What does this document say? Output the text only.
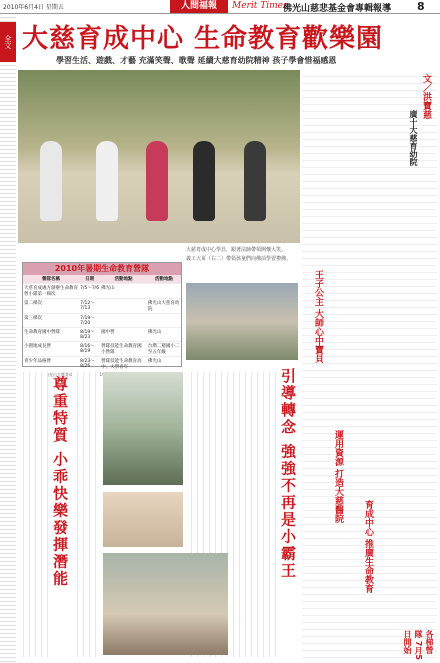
2010年6月4日 星期五	人間福報	Merit Times
佛光山慈悲基金會專輯報導 8
全文 大慈育成中心 生命教育歡樂園
學習生活、遊戲、才藝 充滿笑聲、歌聲 延續大慈育幼院精神 孩子學會惜福感恩
大慈育成中心學員，跟著法師帶領開懷大笑。
義工大哥（右二）帶領孩童們向佛前學習禮佛。
2010年暑期生命教育營隊
營隊名稱	日期	活動地點	活動地點
大慈育成處方創辦生命教育營小隊第一梯次	7/5～7/6	佛光山	
第二梯次	7/12～7/13		佛光山大慈育幼院
第三梯次	7/19～7/20		
生命教育國中營隊	8/19～8/23	國中營	佛光山
小園地成長營	8/16～8/19	營隊技能生命教育國小營隊	台灣二層國小二至五年級
青少年品格營	8/23～8/26	營隊技能生命教育高中、大學青年	佛光山
洽詢電話：佛光山大慈育成中心
文／洪寶慈
廣十大慈育幼院
王子公主 大師心中寶貝
運用資源 打造大慈醫院
育成中心 推廣生命教育
各梯營隊 7月5日開始
尊重特質 小乖快樂發揮潛能	引導轉念 強強不再是小霸王
